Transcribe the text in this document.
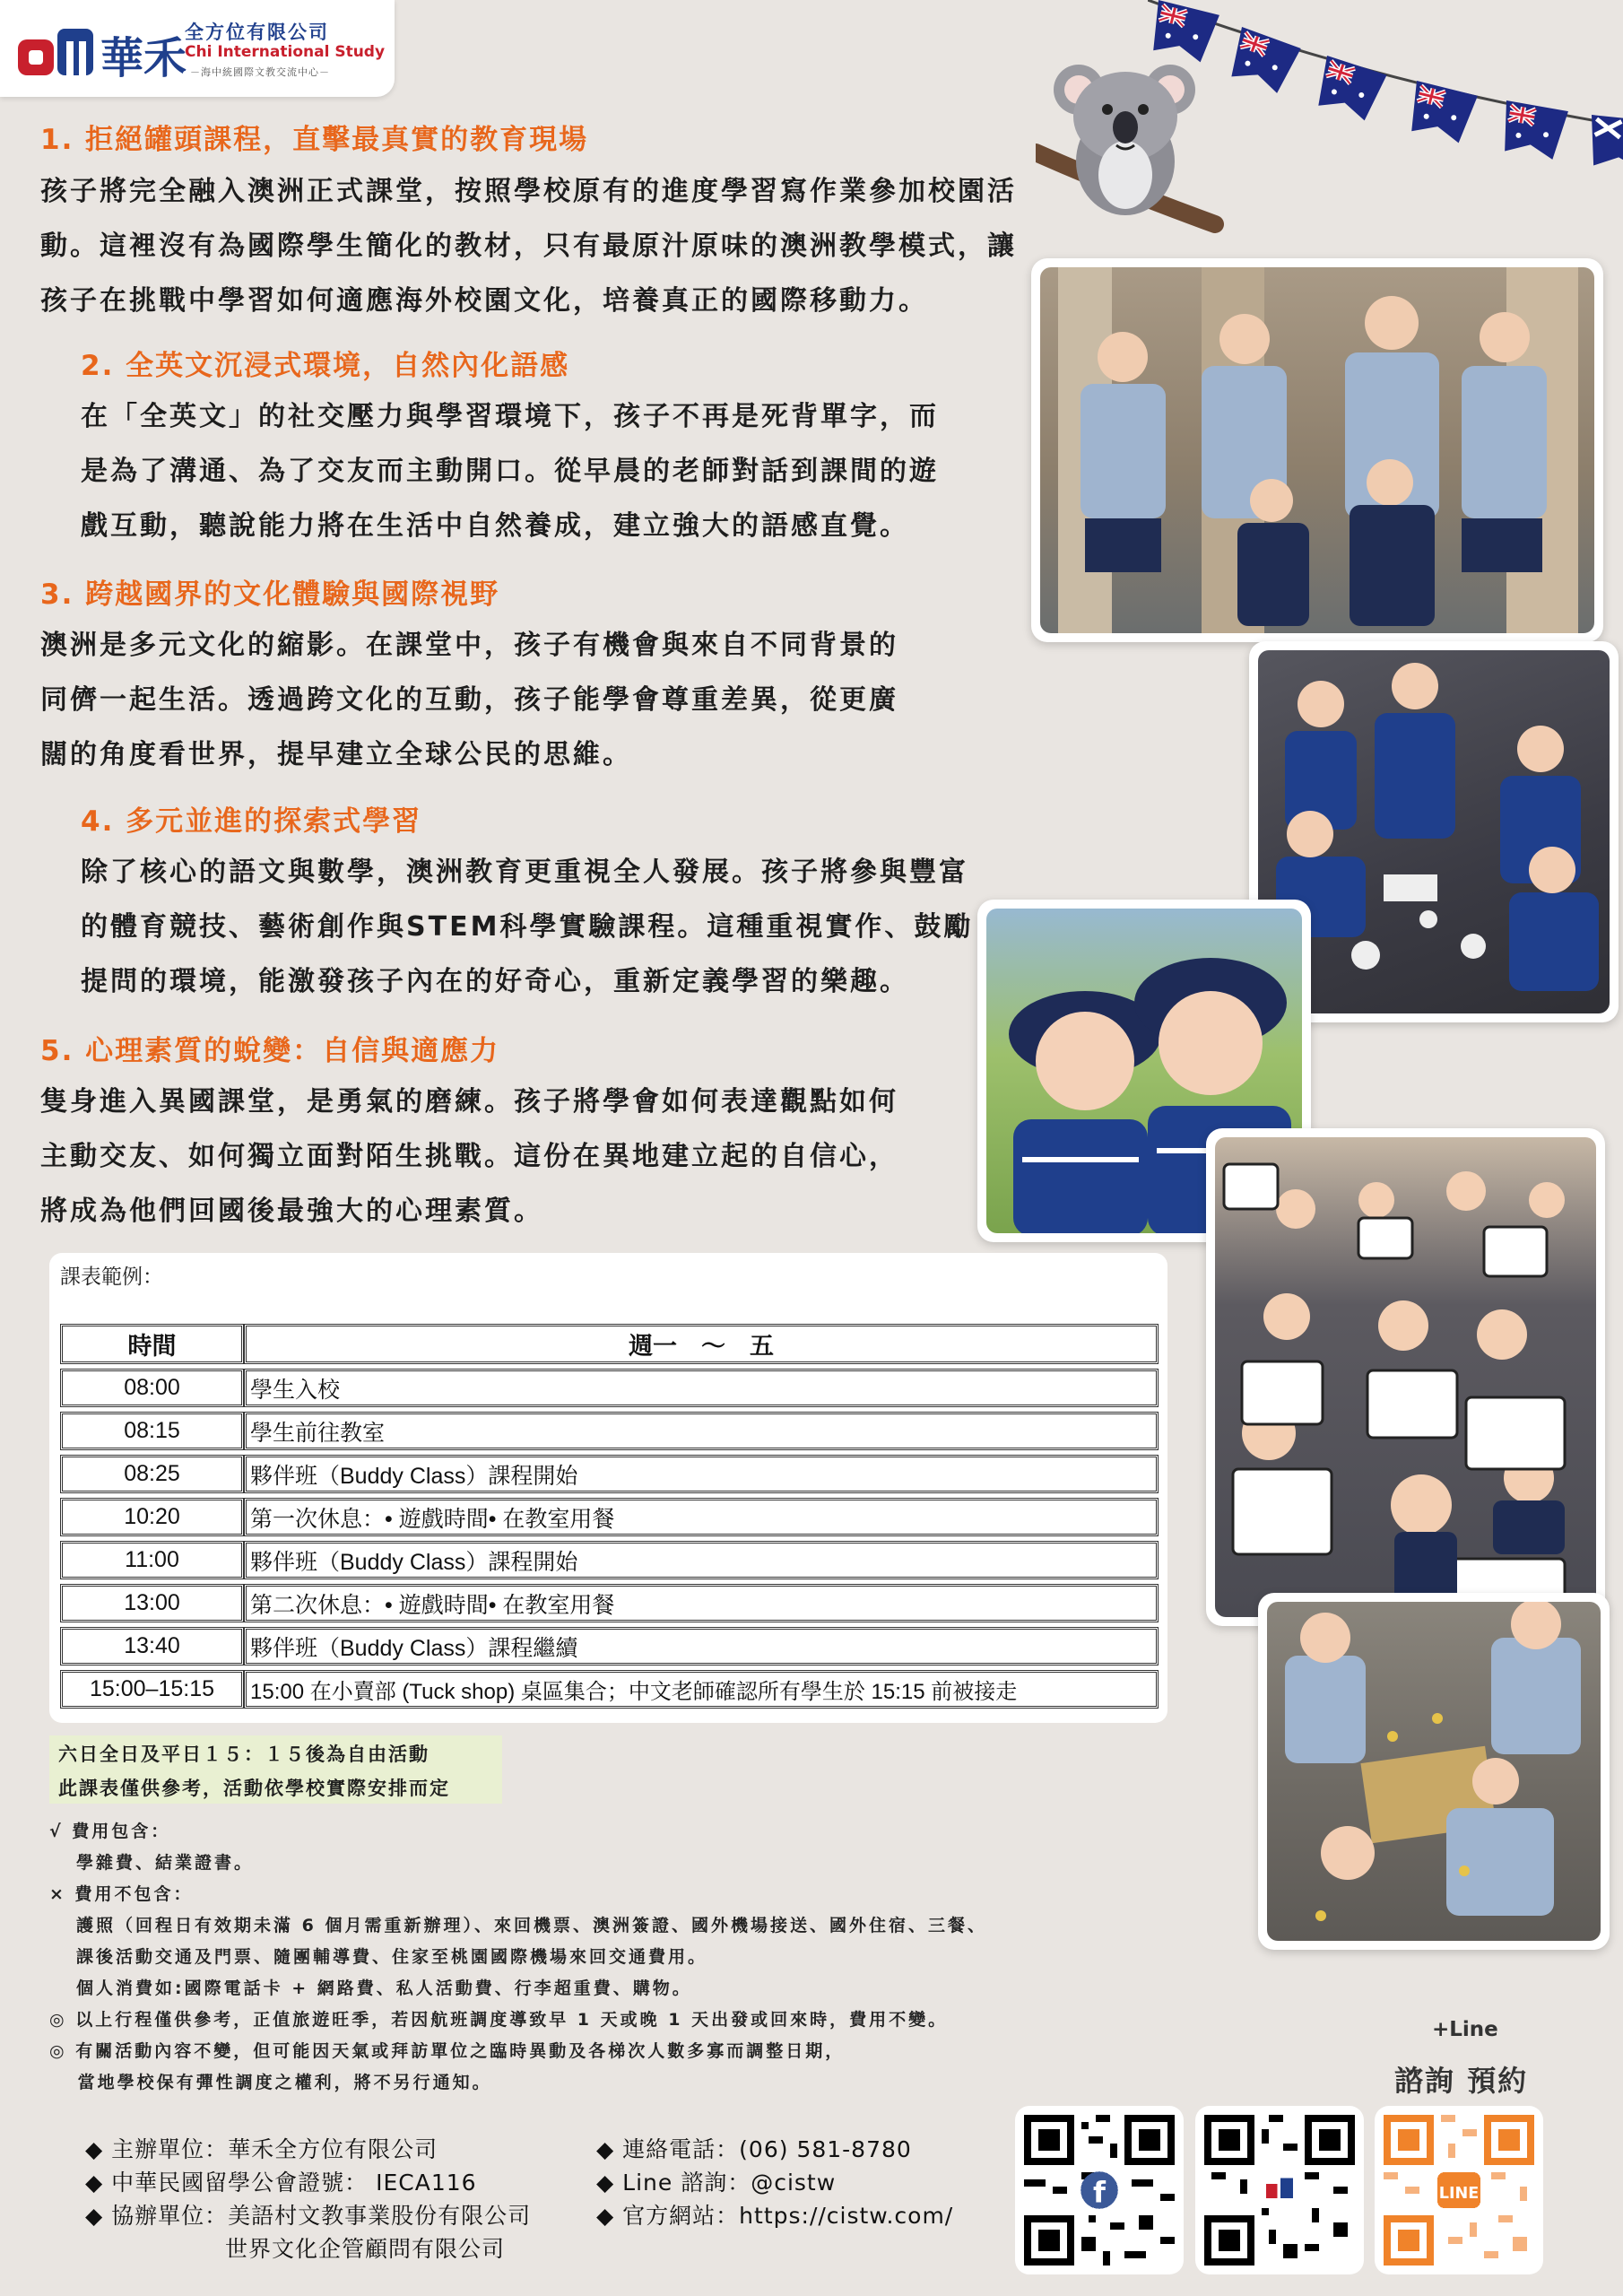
華禾
全方位有限公司
Chi International Study
－海中統國際文教交流中心－
1. 拒絕罐頭課程，直擊最真實的教育現場
孩子將完全融入澳洲正式課堂，按照學校原有的進度學習寫作業參加校園活
動。這裡沒有為國際學生簡化的教材，只有最原汁原味的澳洲教學模式，讓
孩子在挑戰中學習如何適應海外校園文化，培養真正的國際移動力。
2. 全英文沉浸式環境，自然內化語感
在「全英文」的社交壓力與學習環境下，孩子不再是死背單字，而
是為了溝通、為了交友而主動開口。從早晨的老師對話到課間的遊
戲互動，聽說能力將在生活中自然養成，建立強大的語感直覺。
3. 跨越國界的文化體驗與國際視野
澳洲是多元文化的縮影。在課堂中，孩子有機會與來自不同背景的
同儕一起生活。透過跨文化的互動，孩子能學會尊重差異，從更廣
闊的角度看世界，提早建立全球公民的思維。
4. 多元並進的探索式學習
除了核心的語文與數學，澳洲教育更重視全人發展。孩子將參與豐富
的體育競技、藝術創作與STEM科學實驗課程。這種重視實作、鼓勵
提問的環境，能激發孩子內在的好奇心，重新定義學習的樂趣。
5. 心理素質的蛻變：自信與適應力
隻身進入異國課堂，是勇氣的磨練。孩子將學會如何表達觀點如何
主動交友、如何獨立面對陌生挑戰。這份在異地建立起的自信心，
將成為他們回國後最強大的心理素質。
課表範例：
時間	週一　～　五
08:00	學生入校
08:15	學生前往教室
08:25	夥伴班（Buddy Class）課程開始
10:20	第一次休息：• 遊戲時間• 在教室用餐
11:00	夥伴班（Buddy Class）課程開始
13:00	第二次休息：• 遊戲時間• 在教室用餐
13:40	夥伴班（Buddy Class）課程繼續
15:00–15:15	15:00 在小賣部 (Tuck shop) 桌區集合；中文老師確認所有學生於 15:15 前被接走
六日全日及平日１５：１５後為自由活動
此課表僅供參考，活動依學校實際安排而定
√ 費用包含：
學雜費、結業證書。
× 費用不包含：
護照（回程日有效期未滿 6 個月需重新辦理）、來回機票、澳洲簽證、國外機場接送、國外住宿、三餐、
課後活動交通及門票、隨團輔導費、住家至桃園國際機場來回交通費用。
個人消費如:國際電話卡 + 網路費、私人活動費、行李超重費、購物。
◎ 以上行程僅供參考，正值旅遊旺季，若因航班調度導致早 1 天或晚 1 天出發或回來時，費用不變。
◎ 有關活動內容不變，但可能因天氣或拜訪單位之臨時異動及各梯次人數多寡而調整日期，
　 當地學校保有彈性調度之權利，將不另行通知。
◆ 主辦單位：華禾全方位有限公司
◆ 中華民國留學公會證號： IECA116
◆ 協辦單位：美語村文教事業股份有限公司
　　　　　　世界文化企管顧問有限公司
◆ 連絡電話：(06) 581-8780
◆ Line 諮詢：@cistw
◆ 官方網站：https://cistw.com/
+Line
諮詢 預約
f	LINE
